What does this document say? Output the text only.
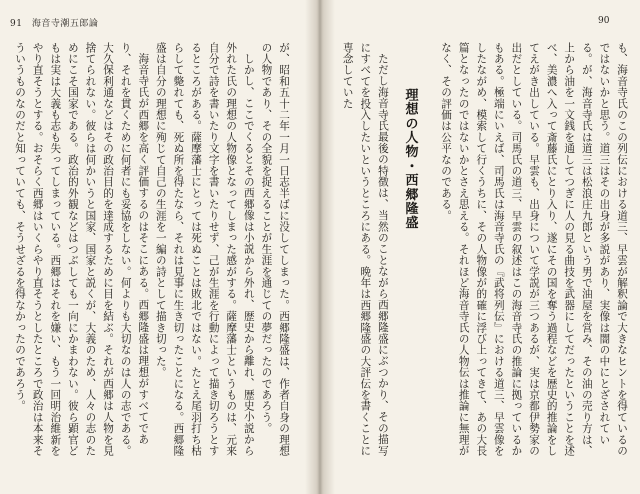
91 海音寺潮五郎論

が、昭和五十二年一月一日志半ばに没してしまった。西郷隆盛は、作者自身の理想の人物であり、その全貌を捉えることが生涯を通じての夢だったのであろう。

しかし、ここでくるとその西郷像は小説から外れ、歴史から離れ、歴史小説から外れた氏の理想の人物像となってしまった感がする。薩摩藩士というものは、元来自分で詩を書いたり文字を書いたりせず、己が生涯を行動によって描き切ろうとするところがある。薩摩藩士にとっては死ぬことは敗北ではない。たとえ尾羽打ち枯らして斃れても、死ぬ所を得たなら、それは見事に生き切ったことになる。西郷隆盛は自分の理想に殉じて自己の生涯を一編の詩として描き切った。

海音寺氏が西郷を高く評価するのはそこにある。西郷隆盛は理想がすべてであり、それを貫くために何者にも妥協をしない。何よりも大切なのは人の志である。大久保利通などはその政治目的を達成するために目を結ぶ。それが西郷は人物を見捨てられない。彼らは何かいうと国家、国家と説くが、大義のため、人々の志のためにこそ国家である。政治的外観などはつぶしても一向にかまわない。彼ら顕官どもは実は大義も志も失ってしまっている。西郷はそれを嫌い、もう一回明治維新をやり直そうとする。おそらく西郷はいくらやり直そうとしたところで政治は本来そういうものなのだと知っていても、そうせざるを得なかったのであろう。	も、海音寺氏のこの列伝における道三、早雲が解釈論で大きなヒントを得ているのではないかと思う。道三はその出身が多説があり、実像は闇の中にとざされている。が、海音寺氏は道三は松浪庄九郎という男で油屋を営み、その油の売り方は、上から油を一文銭を通してつぎに人の見る曲技を武器にしてだったということを述べ、美濃へ入って斎藤氏にとり入り、遂にその国を奪う過程などを歴史的推論をしてえがき出している。早雲も、出身について学説が三つあるが、実は京都伊勢家の出だとしている。司馬氏の道三、早雲の叙述はこの海音寺氏の推論に拠っているかもある。極端にいえば、司馬氏は海音寺氏の『武将列伝』における道三、早雲像をしたながめ、模索して行くうちに、その人物像が的確に浮び上ってきて、あの大長篇となったのではないかとさえ思える。それほど海音寺氏の人物伝は推論に無理がなく、その評価は公平なのである。

理想の人物・西郷隆盛

ただし海音寺氏最後の特徴は、当然のことながら西郷隆盛にぶつかり、その描写にすべてを投入したいというところにある。晩年は西郷隆盛の大評伝を書くことに専念していた

90
